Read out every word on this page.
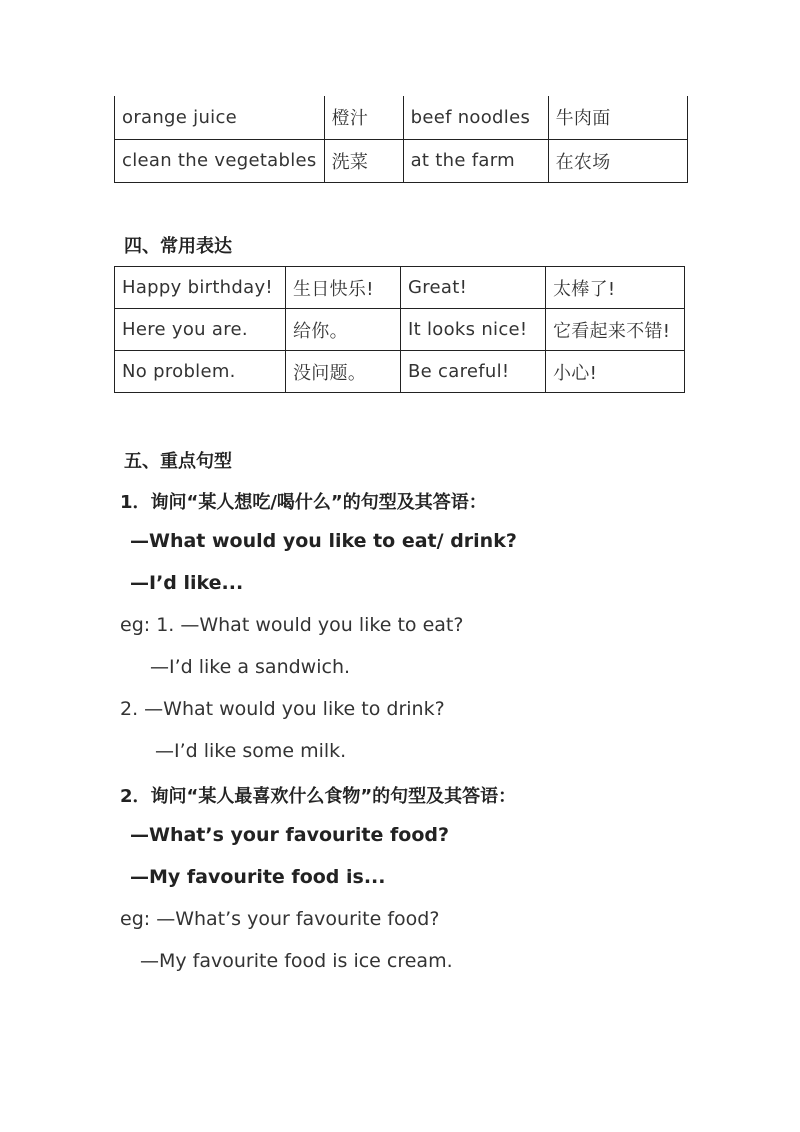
orange juice	橙汁	beef noodles	牛肉面
clean the vegetables	洗菜	at the farm	在农场
四、常用表达
Happy birthday!	生日快乐!	Great!	太棒了!
Here you are.	给你。	It looks nice!	它看起来不错!
No problem.	没问题。	Be careful!	小心!
五、重点句型
1．询问“某人想吃/喝什么”的句型及其答语：
—What would you like to eat/ drink?
—I’d like...
eg: 1. —What would you like to eat?
—I’d like a sandwich.
2. —What would you like to drink?
—I’d like some milk.
2．询问“某人最喜欢什么食物”的句型及其答语：
—What’s your favourite food?
—My favourite food is...
eg: —What’s your favourite food?
—My favourite food is ice cream.
